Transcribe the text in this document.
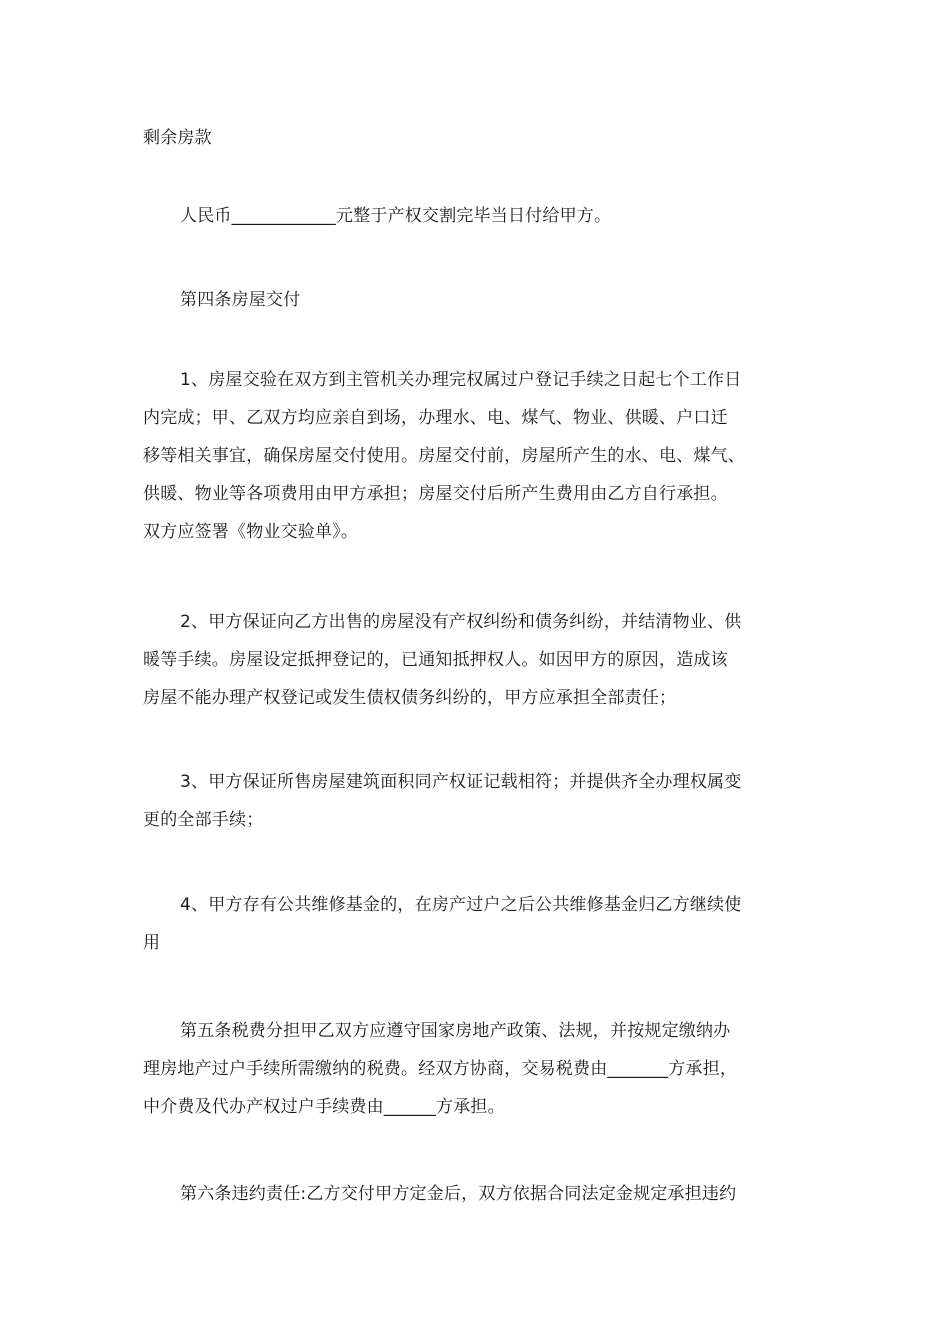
剩余房款

人民币____________元整于产权交割完毕当日付给甲方。

第四条房屋交付

1、房屋交验在双方到主管机关办理完权属过户登记手续之日起七个工作日
内完成；甲、乙双方均应亲自到场，办理水、电、煤气、物业、供暖、户口迁
移等相关事宜，确保房屋交付使用。房屋交付前，房屋所产生的水、电、煤气、
供暖、物业等各项费用由甲方承担；房屋交付后所产生费用由乙方自行承担。
双方应签署《物业交验单》。

2、甲方保证向乙方出售的房屋没有产权纠纷和债务纠纷，并结清物业、供
暖等手续。房屋设定抵押登记的，已通知抵押权人。如因甲方的原因，造成该
房屋不能办理产权登记或发生债权债务纠纷的，甲方应承担全部责任；

3、甲方保证所售房屋建筑面积同产权证记载相符；并提供齐全办理权属变
更的全部手续；

4、甲方存有公共维修基金的，在房产过户之后公共维修基金归乙方继续使
用

第五条税费分担甲乙双方应遵守国家房地产政策、法规，并按规定缴纳办
理房地产过户手续所需缴纳的税费。经双方协商，交易税费由_______方承担，
中介费及代办产权过户手续费由______方承担。

第六条违约责任:乙方交付甲方定金后，双方依据合同法定金规定承担违约
